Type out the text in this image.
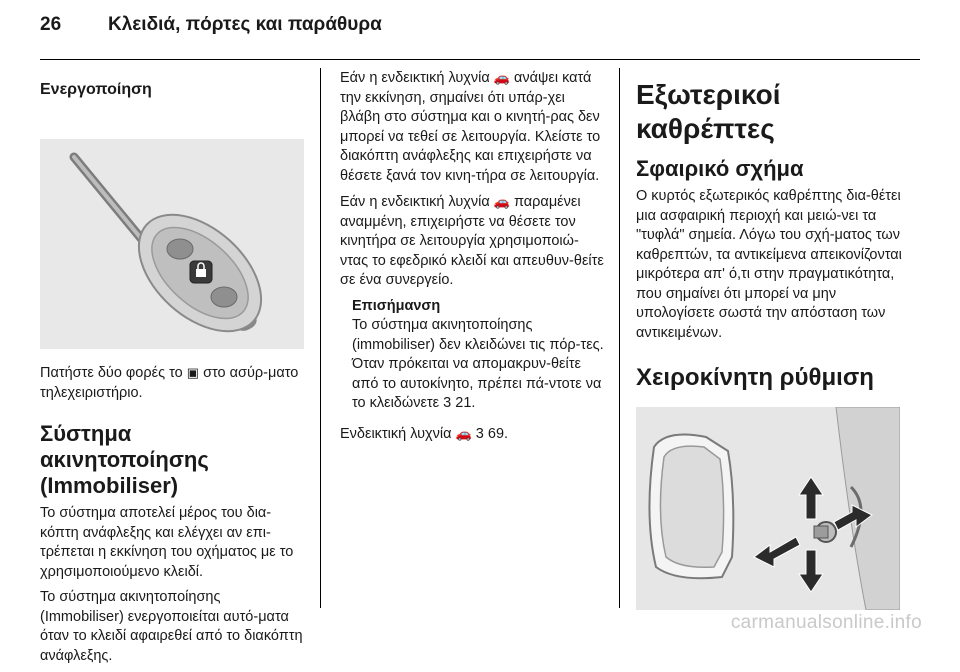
26 Κλειδιά, πόρτες και παράθυρα
Ενεργοποίηση

Πατήστε δύο φορές το ▣ στο ασύρ-ματο τηλεχειριστήριο.

Σύστημα ακινητοποίησης (Immobiliser)

Το σύστημα αποτελεί μέρος του δια-κόπτη ανάφλεξης και ελέγχει αν επι-τρέπεται η εκκίνηση του οχήματος με το χρησιμοποιούμενο κλειδί.

Το σύστημα ακινητοποίησης (Immobiliser) ενεργοποιείται αυτό-ματα όταν το κλειδί αφαιρεθεί από το διακόπτη ανάφλεξης.

Εάν η ενδεικτική λυχνία 🚗 ανάψει κατά την εκκίνηση, σημαίνει ότι υπάρ-χει βλάβη στο σύστημα και ο κινητή-ρας δεν μπορεί να τεθεί σε λειτουργία. Κλείστε το διακόπτη ανάφλεξης και επιχειρήστε να θέσετε ξανά τον κινη-τήρα σε λειτουργία.

Εάν η ενδεικτική λυχνία 🚗 παραμένει αναμμένη, επιχειρήστε να θέσετε τον κινητήρα σε λειτουργία χρησιμοποιώ-ντας το εφεδρικό κλειδί και απευθυν-θείτε σε ένα συνεργείο.

Επισήμανση

Το σύστημα ακινητοποίησης (immobiliser) δεν κλειδώνει τις πόρ-τες. Όταν πρόκειται να απομακρυν-θείτε από το αυτοκίνητο, πρέπει πά-ντοτε να το κλειδώνετε 3 21.

Ενδεικτική λυχνία 🚗 3 69.

Εξωτερικοί καθρέπτες
Σφαιρικό σχήμα

Ο κυρτός εξωτερικός καθρέπτης δια-θέτει μια ασφαιρική περιοχή και μειώ-νει τα "τυφλά" σημεία. Λόγω του σχή-ματος των καθρεπτών, τα αντικείμενα απεικονίζονται μικρότερα απ' ό,τι στην πραγματικότητα, που σημαίνει ότι μπορεί να μην υπολογίσετε σωστά την απόσταση των αντικειμένων.

Χειροκίνητη ρύθμιση
carmanualsonline.info
